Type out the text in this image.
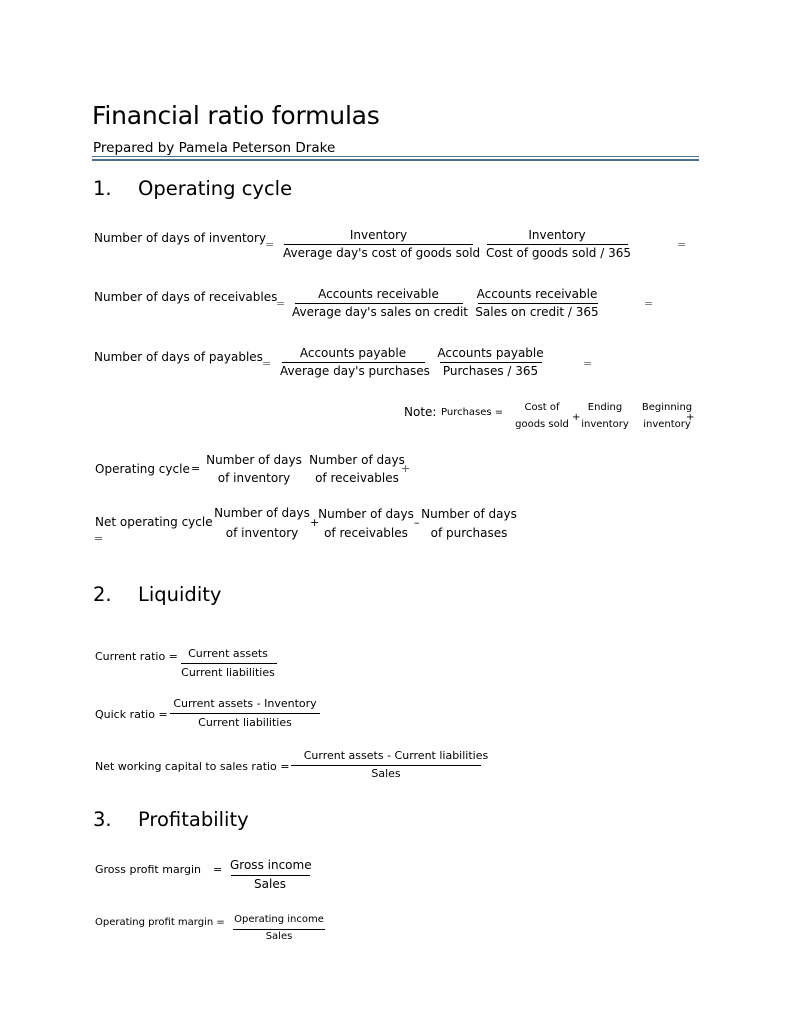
Financial ratio formulas
Prepared by Pamela Peterson Drake
1. Operating cycle
Number of days of inventory
=
Inventory
Average day's cost of goods sold
Inventory
Cost of goods sold / 365
=
Number of days of receivables
=
Accounts receivable
Average day's sales on credit
Accounts receivable
Sales on credit / 365
=
Number of days of payables =
Accounts payable
Average day's purchases
Accounts payable
Purchases / 365
=
Note: Purchases =	Cost of
goods sold
+
Ending
inventory
Beginning
inventory
+
Operating cycle =
Number of days
of inventory
Number of days
of receivables
+
Net operating cycle
=
Number of days
of inventory
+
Number of days
of receivables
–
Number of days
of purchases
2. Liquidity
Current ratio = Current assets
Current liabilities
Quick ratio =
Current assets - Inventory
Current liabilities
Net working capital to sales ratio =
Current assets - Current liabilities
Sales
3. Profitability
Gross profit margin = Gross income
Sales
Operating profit margin = Operating income
Sales
